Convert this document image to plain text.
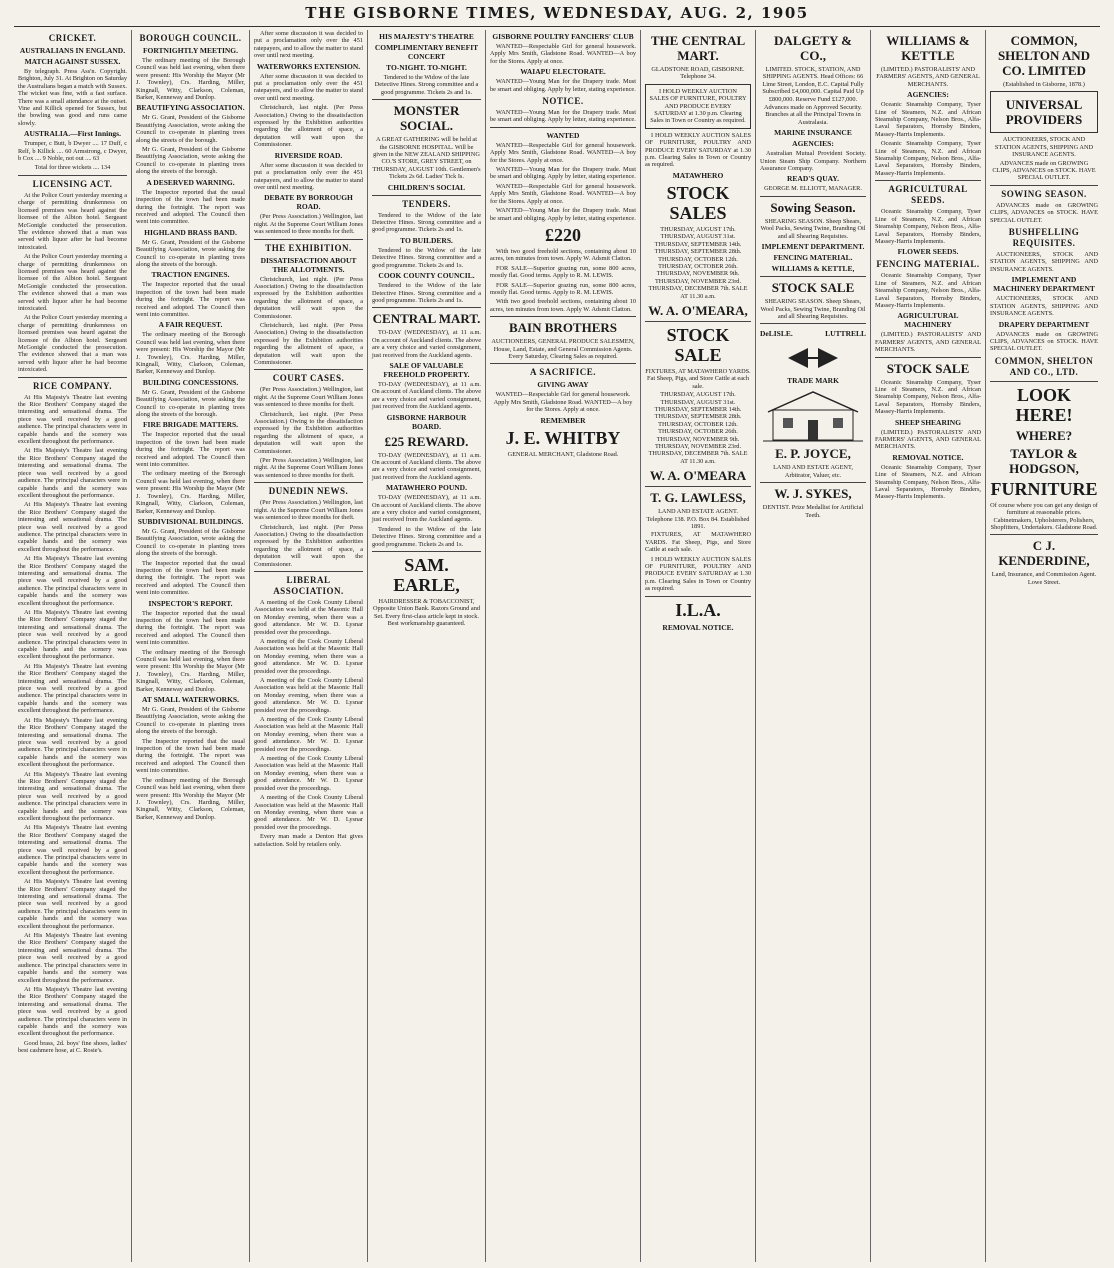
THE GISBORNE TIMES, WEDNESDAY, AUG. 2, 1905
CRICKET.
AUSTRALIANS IN ENGLAND.
MATCH AGAINST SUSSEX.

By telegraph. Press Ass'n. Copyright. Brighton, July 31. At Brighton on Saturday the Australians began a match with Sussex. The wicket was fine, with a fast surface. There was a small attendance at the outset. Vine and Killick opened for Sussex, but the bowling was good and runs came slowly.

AUSTRALIA.—First Innings.

Trumper, c Butt, b Dwyer .... 17 Duff, c Relf, b Killick .... 60 Armstrong, c Dwyer, b Cox .... 9 Noble, not out .... 63

Total for three wickets .... 134

LICENSING ACT.

At the Police Court yesterday morning a charge of permitting drunkenness on licensed premises was heard against the licensee of the Albion hotel. Sergeant McGonigle conducted the prosecution. The evidence showed that a man was served with liquor after he had become intoxicated.

At the Police Court yesterday morning a charge of permitting drunkenness on licensed premises was heard against the licensee of the Albion hotel. Sergeant McGonigle conducted the prosecution. The evidence showed that a man was served with liquor after he had become intoxicated.

At the Police Court yesterday morning a charge of permitting drunkenness on licensed premises was heard against the licensee of the Albion hotel. Sergeant McGonigle conducted the prosecution. The evidence showed that a man was served with liquor after he had become intoxicated.

RICE COMPANY.

At His Majesty's Theatre last evening the Rice Brothers' Company staged the interesting and sensational drama. The piece was well received by a good audience. The principal characters were in capable hands and the scenery was excellent throughout the performance.

At His Majesty's Theatre last evening the Rice Brothers' Company staged the interesting and sensational drama. The piece was well received by a good audience. The principal characters were in capable hands and the scenery was excellent throughout the performance.

At His Majesty's Theatre last evening the Rice Brothers' Company staged the interesting and sensational drama. The piece was well received by a good audience. The principal characters were in capable hands and the scenery was excellent throughout the performance.

At His Majesty's Theatre last evening the Rice Brothers' Company staged the interesting and sensational drama. The piece was well received by a good audience. The principal characters were in capable hands and the scenery was excellent throughout the performance.

At His Majesty's Theatre last evening the Rice Brothers' Company staged the interesting and sensational drama. The piece was well received by a good audience. The principal characters were in capable hands and the scenery was excellent throughout the performance.

At His Majesty's Theatre last evening the Rice Brothers' Company staged the interesting and sensational drama. The piece was well received by a good audience. The principal characters were in capable hands and the scenery was excellent throughout the performance.

At His Majesty's Theatre last evening the Rice Brothers' Company staged the interesting and sensational drama. The piece was well received by a good audience. The principal characters were in capable hands and the scenery was excellent throughout the performance.

At His Majesty's Theatre last evening the Rice Brothers' Company staged the interesting and sensational drama. The piece was well received by a good audience. The principal characters were in capable hands and the scenery was excellent throughout the performance.

At His Majesty's Theatre last evening the Rice Brothers' Company staged the interesting and sensational drama. The piece was well received by a good audience. The principal characters were in capable hands and the scenery was excellent throughout the performance.

At His Majesty's Theatre last evening the Rice Brothers' Company staged the interesting and sensational drama. The piece was well received by a good audience. The principal characters were in capable hands and the scenery was excellent throughout the performance.

At His Majesty's Theatre last evening the Rice Brothers' Company staged the interesting and sensational drama. The piece was well received by a good audience. The principal characters were in capable hands and the scenery was excellent throughout the performance.

At His Majesty's Theatre last evening the Rice Brothers' Company staged the interesting and sensational drama. The piece was well received by a good audience. The principal characters were in capable hands and the scenery was excellent throughout the performance.

Good brass, 2d. boys' fine shoes, ladies' best cashmere hose, at C. Rosie's.

BOROUGH COUNCIL.
FORTNIGHTLY MEETING.

The ordinary meeting of the Borough Council was held last evening, when there were present: His Worship the Mayor (Mr J. Townley), Crs. Harding, Miller, Kingnall, Witty, Clarkson, Coleman, Barker, Kenneway and Dunlop.

BEAUTIFYING ASSOCIATION.

Mr G. Grant, President of the Gisborne Beautifying Association, wrote asking the Council to co-operate in planting trees along the streets of the borough.

Mr G. Grant, President of the Gisborne Beautifying Association, wrote asking the Council to co-operate in planting trees along the streets of the borough.

A DESERVED WARNING.

The Inspector reported that the usual inspection of the town had been made during the fortnight. The report was received and adopted. The Council then went into committee.

HIGHLAND BRASS BAND.

Mr G. Grant, President of the Gisborne Beautifying Association, wrote asking the Council to co-operate in planting trees along the streets of the borough.

TRACTION ENGINES.

The Inspector reported that the usual inspection of the town had been made during the fortnight. The report was received and adopted. The Council then went into committee.

A FAIR REQUEST.

The ordinary meeting of the Borough Council was held last evening, when there were present: His Worship the Mayor (Mr J. Townley), Crs. Harding, Miller, Kingnall, Witty, Clarkson, Coleman, Barker, Kenneway and Dunlop.

BUILDING CONCESSIONS.

Mr G. Grant, President of the Gisborne Beautifying Association, wrote asking the Council to co-operate in planting trees along the streets of the borough.

FIRE BRIGADE MATTERS.

The Inspector reported that the usual inspection of the town had been made during the fortnight. The report was received and adopted. The Council then went into committee.

The ordinary meeting of the Borough Council was held last evening, when there were present: His Worship the Mayor (Mr J. Townley), Crs. Harding, Miller, Kingnall, Witty, Clarkson, Coleman, Barker, Kenneway and Dunlop.

SUBDIVISIONAL BUILDINGS.

Mr G. Grant, President of the Gisborne Beautifying Association, wrote asking the Council to co-operate in planting trees along the streets of the borough.

The Inspector reported that the usual inspection of the town had been made during the fortnight. The report was received and adopted. The Council then went into committee.

INSPECTOR'S REPORT.

The Inspector reported that the usual inspection of the town had been made during the fortnight. The report was received and adopted. The Council then went into committee.

The ordinary meeting of the Borough Council was held last evening, when there were present: His Worship the Mayor (Mr J. Townley), Crs. Harding, Miller, Kingnall, Witty, Clarkson, Coleman, Barker, Kenneway and Dunlop.

AT SMALL WATERWORKS.

Mr G. Grant, President of the Gisborne Beautifying Association, wrote asking the Council to co-operate in planting trees along the streets of the borough.

The Inspector reported that the usual inspection of the town had been made during the fortnight. The report was received and adopted. The Council then went into committee.

The ordinary meeting of the Borough Council was held last evening, when there were present: His Worship the Mayor (Mr J. Townley), Crs. Harding, Miller, Kingnall, Witty, Clarkson, Coleman, Barker, Kenneway and Dunlop.

After some discussion it was decided to put a proclamation only over the 451 ratepayers, and to allow the matter to stand over until next meeting.

WATERWORKS EXTENSION.

After some discussion it was decided to put a proclamation only over the 451 ratepayers, and to allow the matter to stand over until next meeting.

Christchurch, last night. (Per Press Association.) Owing to the dissatisfaction expressed by the Exhibition authorities regarding the allotment of space, a deputation will wait upon the Commissioner.

RIVERSIDE ROAD.

After some discussion it was decided to put a proclamation only over the 451 ratepayers, and to allow the matter to stand over until next meeting.

DEBATE BY BORROUGH ROAD.

(Per Press Association.) Wellington, last night. At the Supreme Court William Jones was sentenced to three months for theft.

THE EXHIBITION.
DISSATISFACTION ABOUT THE ALLOTMENTS.

Christchurch, last night. (Per Press Association.) Owing to the dissatisfaction expressed by the Exhibition authorities regarding the allotment of space, a deputation will wait upon the Commissioner.

Christchurch, last night. (Per Press Association.) Owing to the dissatisfaction expressed by the Exhibition authorities regarding the allotment of space, a deputation will wait upon the Commissioner.

COURT CASES.

(Per Press Association.) Wellington, last night. At the Supreme Court William Jones was sentenced to three months for theft.

Christchurch, last night. (Per Press Association.) Owing to the dissatisfaction expressed by the Exhibition authorities regarding the allotment of space, a deputation will wait upon the Commissioner.

(Per Press Association.) Wellington, last night. At the Supreme Court William Jones was sentenced to three months for theft.

DUNEDIN NEWS.

(Per Press Association.) Wellington, last night. At the Supreme Court William Jones was sentenced to three months for theft.

Christchurch, last night. (Per Press Association.) Owing to the dissatisfaction expressed by the Exhibition authorities regarding the allotment of space, a deputation will wait upon the Commissioner.

LIBERAL ASSOCIATION.

A meeting of the Cook County Liberal Association was held at the Masonic Hall on Monday evening, when there was a good attendance. Mr W. D. Lysnar presided over the proceedings.

A meeting of the Cook County Liberal Association was held at the Masonic Hall on Monday evening, when there was a good attendance. Mr W. D. Lysnar presided over the proceedings.

A meeting of the Cook County Liberal Association was held at the Masonic Hall on Monday evening, when there was a good attendance. Mr W. D. Lysnar presided over the proceedings.

A meeting of the Cook County Liberal Association was held at the Masonic Hall on Monday evening, when there was a good attendance. Mr W. D. Lysnar presided over the proceedings.

A meeting of the Cook County Liberal Association was held at the Masonic Hall on Monday evening, when there was a good attendance. Mr W. D. Lysnar presided over the proceedings.

A meeting of the Cook County Liberal Association was held at the Masonic Hall on Monday evening, when there was a good attendance. Mr W. D. Lysnar presided over the proceedings.

Every man made a Denton Hat gives satisfaction. Sold by retailers only.

HIS MAJESTY'S THEATRE
COMPLIMENTARY BENEFIT CONCERT
TO-NIGHT. TO-NIGHT.

Tendered to the Widow of the late Detective Hines. Strong committee and a good programme. Tickets 2s and 1s.

MONSTER SOCIAL.

A GREAT GATHERING will be held at the GISBORNE HOSPITAL. Will be given in the NEW ZEALAND SHIPPING CO.'S STORE, GREY STREET, on THURSDAY, AUGUST 10th. Gentlemen's Tickets 2s 6d. Ladies' Tick Is.

CHILDREN'S SOCIAL
TENDERS.

Tendered to the Widow of the late Detective Hines. Strong committee and a good programme. Tickets 2s and 1s.

TO BUILDERS.

Tendered to the Widow of the late Detective Hines. Strong committee and a good programme. Tickets 2s and 1s.

COOK COUNTY COUNCIL.

Tendered to the Widow of the late Detective Hines. Strong committee and a good programme. Tickets 2s and 1s.

CENTRAL MART.

TO-DAY (WEDNESDAY), at 11 a.m. On account of Auckland clients. The above are a very choice and varied consignment, just received from the Auckland agents.

SALE OF VALUABLE FREEHOLD PROPERTY.

TO-DAY (WEDNESDAY), at 11 a.m. On account of Auckland clients. The above are a very choice and varied consignment, just received from the Auckland agents.

GISBORNE HARBOUR BOARD.
£25 REWARD.

TO-DAY (WEDNESDAY), at 11 a.m. On account of Auckland clients. The above are a very choice and varied consignment, just received from the Auckland agents.

MATAWHERO POUND.

TO-DAY (WEDNESDAY), at 11 a.m. On account of Auckland clients. The above are a very choice and varied consignment, just received from the Auckland agents.

Tendered to the Widow of the late Detective Hines. Strong committee and a good programme. Tickets 2s and 1s.

SAM. EARLE,

HAIRDRESSER & TOBACCONIST, Opposite Union Bank. Razors Ground and Set. Every first-class article kept in stock. Best workmanship guaranteed.

GISBORNE POULTRY FANCIERS' CLUB

WANTED—Respectable Girl for general housework. Apply Mrs Smith, Gladstone Road. WANTED—A boy for the Stores. Apply at once.

WAIAPU ELECTORATE.

WANTED—Young Man for the Drapery trade. Must be smart and obliging. Apply by letter, stating experience.

NOTICE.

WANTED—Young Man for the Drapery trade. Must be smart and obliging. Apply by letter, stating experience.

WANTED

WANTED—Respectable Girl for general housework. Apply Mrs Smith, Gladstone Road. WANTED—A boy for the Stores. Apply at once.

WANTED—Young Man for the Drapery trade. Must be smart and obliging. Apply by letter, stating experience.

WANTED—Respectable Girl for general housework. Apply Mrs Smith, Gladstone Road. WANTED—A boy for the Stores. Apply at once.

WANTED—Young Man for the Drapery trade. Must be smart and obliging. Apply by letter, stating experience.

£220

With two good freehold sections, containing about 10 acres, ten minutes from town. Apply W. Adsmit Clatton.

FOR SALE—Superior grazing run, some 800 acres, mostly flat. Good terms. Apply to R. M. LEWIS.

FOR SALE—Superior grazing run, some 800 acres, mostly flat. Good terms. Apply to R. M. LEWIS.

With two good freehold sections, containing about 10 acres, ten minutes from town. Apply W. Adsmit Clatton.

BAIN BROTHERS

AUCTIONEERS, GENERAL PRODUCE SALESMEN, House, Land, Estate, and General Commission Agents. Every Saturday, Clearing Sales as required.

A SACRIFICE.
GIVING AWAY

WANTED—Respectable Girl for general housework. Apply Mrs Smith, Gladstone Road. WANTED—A boy for the Stores. Apply at once.

REMEMBER
J. E. WHITBY

GENERAL MERCHANT, Gladstone Road.

THE CENTRAL MART.

GLADSTONE ROAD, GISBORNE. Telephone 34.

I HOLD WEEKLY AUCTION SALES OF FURNITURE, POULTRY AND PRODUCE EVERY SATURDAY at 1.30 p.m. Clearing Sales in Town or Country as required.

I HOLD WEEKLY AUCTION SALES OF FURNITURE, POULTRY AND PRODUCE EVERY SATURDAY at 1.30 p.m. Clearing Sales in Town or Country as required.

MATAWHERO
STOCK SALES

THURSDAY, AUGUST 17th. THURSDAY, AUGUST 31st. THURSDAY, SEPTEMBER 14th. THURSDAY, SEPTEMBER 28th. THURSDAY, OCTOBER 12th. THURSDAY, OCTOBER 26th. THURSDAY, NOVEMBER 9th. THURSDAY, NOVEMBER 23rd. THURSDAY, DECEMBER 7th. SALE AT 11.30 a.m.

W. A. O'MEARA,
STOCK SALE

FIXTURES, AT MATAWHERO YARDS. Fat Sheep, Pigs, and Store Cattle at each sale.

THURSDAY, AUGUST 17th. THURSDAY, AUGUST 31st. THURSDAY, SEPTEMBER 14th. THURSDAY, SEPTEMBER 28th. THURSDAY, OCTOBER 12th. THURSDAY, OCTOBER 26th. THURSDAY, NOVEMBER 9th. THURSDAY, NOVEMBER 23rd. THURSDAY, DECEMBER 7th. SALE AT 11.30 a.m.

W. A. O'MEARA
T. G. LAWLESS,

LAND AND ESTATE AGENT. Telephone 138. P.O. Box 84. Established 1891.

FIXTURES, AT MATAWHERO YARDS. Fat Sheep, Pigs, and Store Cattle at each sale.

I HOLD WEEKLY AUCTION SALES OF FURNITURE, POULTRY AND PRODUCE EVERY SATURDAY at 1.30 p.m. Clearing Sales in Town or Country as required.

I.L.A.
REMOVAL NOTICE.
DALGETY & CO.,

LIMITED. STOCK, STATION, AND SHIPPING AGENTS. Head Offices: 66 Lime Street, London, E.C. Capital Fully Subscribed £4,000,000. Capital Paid Up £800,000. Reserve Fund £127,000.

Advances made on Approved Security. Branches at all the Principal Towns in Australasia.

MARINE INSURANCE
AGENCIES:

Australian Mutual Provident Society. Union Steam Ship Company. Northern Assurance Company.

READ'S QUAY.

GEORGE M. ELLIOTT, MANAGER.

Sowing Season.

SHEARING SEASON. Sheep Shears, Wool Packs, Sewing Twine, Branding Oil and all Shearing Requisites.

IMPLEMENT DEPARTMENT.
FENCING MATERIAL.
WILLIAMS & KETTLE,
STOCK SALE

SHEARING SEASON. Sheep Shears, Wool Packs, Sewing Twine, Branding Oil and all Shearing Requisites.

DeLISLE.	LUTTRELL
TRADE MARK
E. P. JOYCE,

LAND AND ESTATE AGENT, Arbitrator, Valuer, etc.

W. J. SYKES,

DENTIST. Prize Medallist for Artificial Teeth.

WILLIAMS & KETTLE

(LIMITED.) PASTORALISTS' AND FARMERS' AGENTS, AND GENERAL MERCHANTS.

AGENCIES:

Oceanic Steamship Company, Tyser Line of Steamers, N.Z. and African Steamship Company, Nelson Bros., Alfa-Laval Separators, Hornsby Binders, Massey-Harris Implements.

Oceanic Steamship Company, Tyser Line of Steamers, N.Z. and African Steamship Company, Nelson Bros., Alfa-Laval Separators, Hornsby Binders, Massey-Harris Implements.

AGRICULTURAL SEEDS.

Oceanic Steamship Company, Tyser Line of Steamers, N.Z. and African Steamship Company, Nelson Bros., Alfa-Laval Separators, Hornsby Binders, Massey-Harris Implements.

FLOWER SEEDS.
FENCING MATERIAL.

Oceanic Steamship Company, Tyser Line of Steamers, N.Z. and African Steamship Company, Nelson Bros., Alfa-Laval Separators, Hornsby Binders, Massey-Harris Implements.

AGRICULTURAL MACHINERY

(LIMITED.) PASTORALISTS' AND FARMERS' AGENTS, AND GENERAL MERCHANTS.

STOCK SALE

Oceanic Steamship Company, Tyser Line of Steamers, N.Z. and African Steamship Company, Nelson Bros., Alfa-Laval Separators, Hornsby Binders, Massey-Harris Implements.

SHEEP SHEARING

(LIMITED.) PASTORALISTS' AND FARMERS' AGENTS, AND GENERAL MERCHANTS.

REMOVAL NOTICE.

Oceanic Steamship Company, Tyser Line of Steamers, N.Z. and African Steamship Company, Nelson Bros., Alfa-Laval Separators, Hornsby Binders, Massey-Harris Implements.

COMMON, SHELTON AND CO. LIMITED

(Established in Gisborne, 1878.)

UNIVERSAL PROVIDERS

AUCTIONEERS, STOCK AND STATION AGENTS, SHIPPING AND INSURANCE AGENTS.

ADVANCES made on GROWING CLIPS, ADVANCES on STOCK. HAVE SPECIAL OUTLET.

SOWING SEASON.

ADVANCES made on GROWING CLIPS, ADVANCES on STOCK. HAVE SPECIAL OUTLET.

BUSHFELLING REQUISITES.

AUCTIONEERS, STOCK AND STATION AGENTS, SHIPPING AND INSURANCE AGENTS.

IMPLEMENT AND MACHINERY DEPARTMENT

AUCTIONEERS, STOCK AND STATION AGENTS, SHIPPING AND INSURANCE AGENTS.

DRAPERY DEPARTMENT

ADVANCES made on GROWING CLIPS, ADVANCES on STOCK. HAVE SPECIAL OUTLET.

COMMON, SHELTON AND CO., LTD.
LOOK HERE!
WHERE?
TAYLOR & HODGSON,
FURNITURE

Of course where you can get any design of furniture at reasonable prices. Cabinetmakers, Upholsterers, Polishers, Shopfitters, Undertakers. Gladstone Road.

C J. KENDERDINE,

Land, Insurance, and Commission Agent. Lowe Street.
